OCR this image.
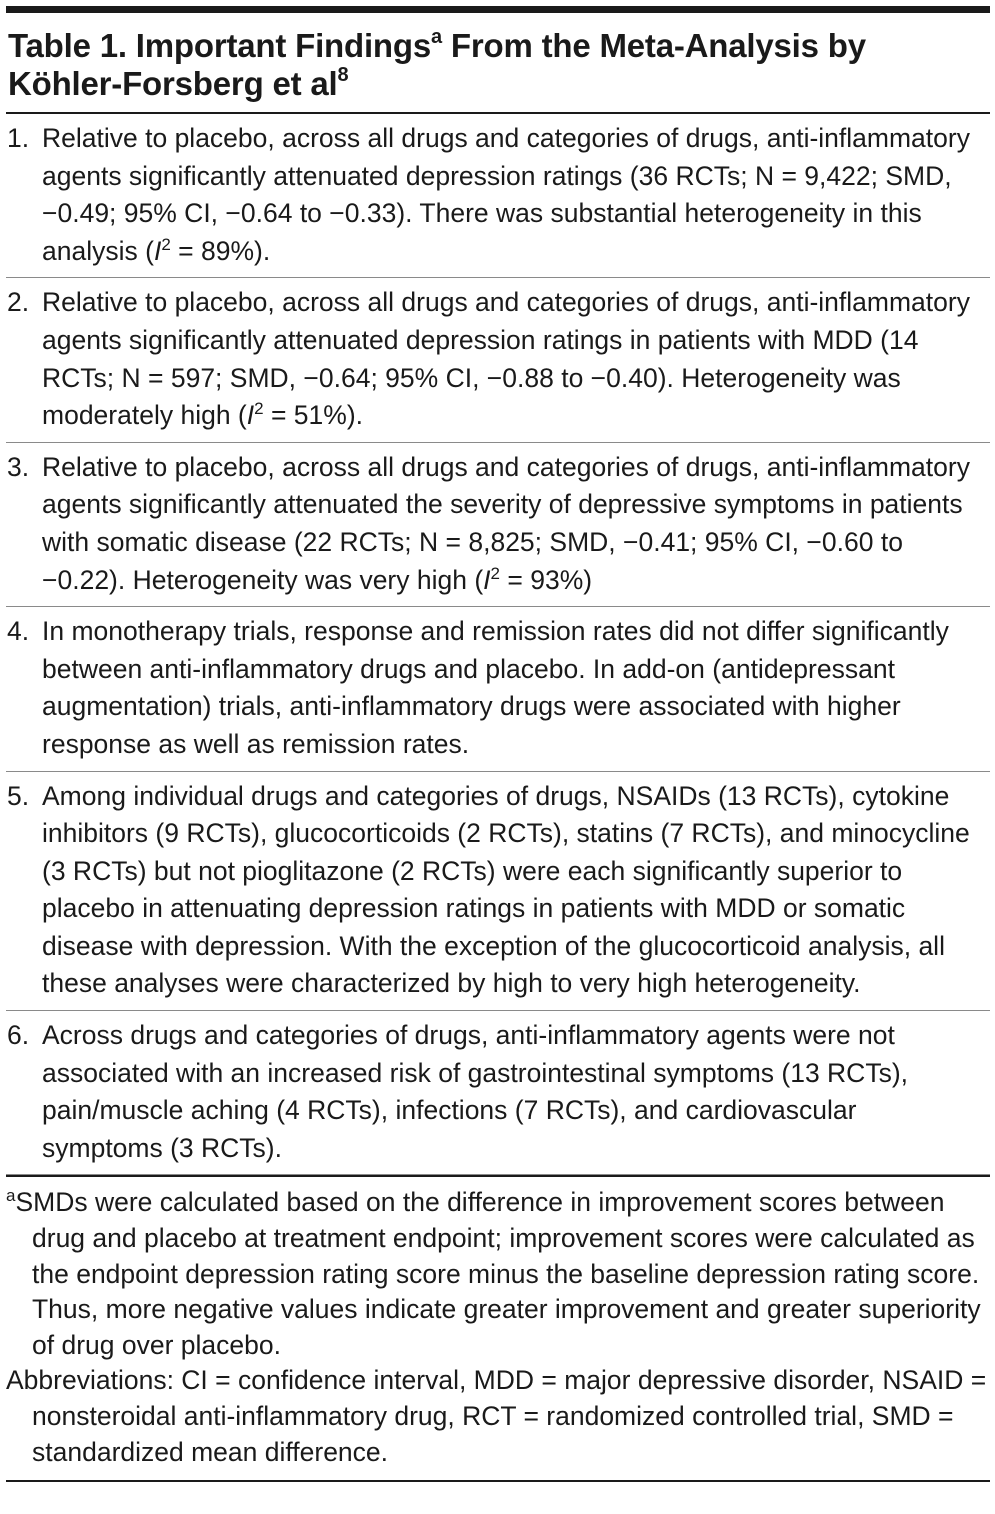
Table 1. Important Findings$^a$ From the Meta-Analysis by
Köhler-Forsberg et $al^8$
1. Relative to placebo, across all drugs and categories of drugs, anti-inflammatory agents significantly attenuated depression ratings (36 RCTs; N = 9,422; SMD, −0.49; 95% CI, −0.64 to −0.33). There was substantial heterogeneity in this analysis $(I^2 = 89\%)$.
2. Relative to placebo, across all drugs and categories of drugs, anti-inflammatory agents significantly attenuated depression ratings in patients with MDD (14 RCTs; N = 597; SMD, −0.64; 95% CI, −0.88 to −0.40). Heterogeneity was moderately high $(I^2 = 51\%)$.
3. Relative to placebo, across all drugs and categories of drugs, anti-inflammatory agents significantly attenuated the severity of depressive symptoms in patients with somatic disease (22 RCTs; N = 8,825; SMD, −0.41; 95% CI, −0.60 to −0.22). Heterogeneity was very high $(I^2 = 93\%)$
4. In monotherapy trials, response and remission rates did not differ significantly between anti-inflammatory drugs and placebo. In add-on (antidepressant augmentation) trials, anti-inflammatory drugs were associated with higher response as well as remission rates.
5. Among individual drugs and categories of drugs, NSAIDs (13 RCTs), cytokine inhibitors (9 RCTs), glucocorticoids (2 RCTs), statins (7 RCTs), and minocycline (3 RCTs) but not pioglitazone (2 RCTs) were each significantly superior to placebo in attenuating depression ratings in patients with MDD or somatic disease with depression. With the exception of the glucocorticoid analysis, all these analyses were characterized by high to very high heterogeneity.
6. Across drugs and categories of drugs, anti-inflammatory agents were not associated with an increased risk of gastrointestinal symptoms (13 RCTs), pain/muscle aching (4 RCTs), infections (7 RCTs), and cardiovascular symptoms (3 RCTs).
$^a$SMDs were calculated based on the difference in improvement scores between drug and placebo at treatment endpoint; improvement scores were calculated as the endpoint depression rating score minus the baseline depression rating score. Thus, more negative values indicate greater improvement and greater superiority of drug over placebo.
Abbreviations: CI = confidence interval, MDD = major depressive disorder, NSAID = nonsteroidal anti-inflammatory drug, RCT = randomized controlled trial, SMD = standardized mean difference.
